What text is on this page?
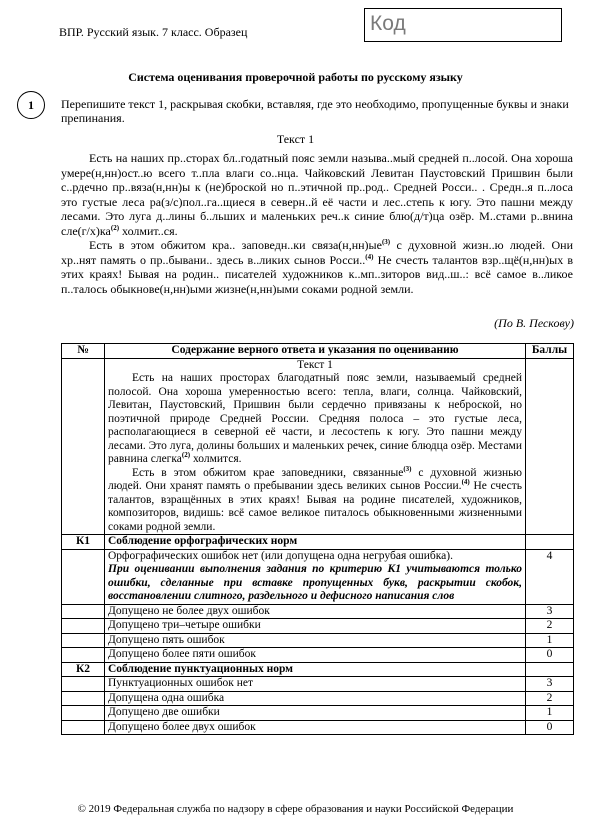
ВПР. Русский язык. 7 класс. Образец	Код
Система оценивания проверочной работы по русскому языку
1	Перепишите текст 1, раскрывая скобки, вставляя, где это необходимо, пропущенные буквы и знаки препинания.
Текст 1

Есть на наших пр..сторах бл..годатный пояс земли называ..мый средней п..лосой. Она хороша умере(н,нн)ост..ю всего т..пла влаги со..нца. Чайковский Левитан Паустовский Пришвин были с..рдечно пр..вяза(н,нн)ы к (не)броской но п..этичной пр..род.. Средней Росси.. . Средн..я п..лоса это густые леса ра(з/с)пол..га..щиеся в северн..й её части и лес..степь к югу. Это пашни между лесами. Это луга д..лины б..льших и маленьких реч..к синие блю(д/т)ца озёр. М..стами р..внина $сле(г/х)ка^{(2)}$ холмит..ся.

Есть в этом обжитом кра.. заповедн..ки $связа(н,нн)ые^{(3)}$ с духовной жизн..ю людей. Они хр..нят память о пр..бывани.. здесь в..ликих сынов Росси..$^{(4)}$ Не счесть талантов взр..щё(н,нн)ых в этих краях! Бывая на родин.. писателей художников к..мп..зиторов вид..ш..: всё самое в..ликое п..талось обыкнове(н,нн)ыми жизне(н,нн)ыми соками родной земли.

(По В. Пескову)
№	Содержание верного ответа и указания по оцениванию	Баллы

	Текст 1

Есть на наших просторах благодатный пояс земли, называемый средней полосой. Она хороша умеренностью всего: тепла, влаги, солнца. Чайковский, Левитан, Паустовский, Пришвин были сердечно привязаны к неброской, но поэтичной природе Средней России. Средняя полоса – это густые леса, располагающиеся в северной её части, и лесостепь к югу. Это пашни между лесами. Это луга, долины больших и маленьких речек, синие блюдца озёр. Местами равнина слегка$^{(2)}$ холмится.

Есть в этом обжитом крае заповедники, связанные$^{(3)}$ с духовной жизнью людей. Они хранят память о пребывании здесь великих сынов России.$^{(4)}$ Не счесть талантов, взращённых в этих краях! Бывая на родине писателей, художников, композиторов, видишь: всё самое великое питалось обыкновенными жизненными соками родной земли.	

К1	Соблюдение орфографических норм	

	Орфографических ошибок нет (или допущена одна негрубая ошибка).
При оценивании выполнения задания по критерию К1 учитываются только ошибки, сделанные при вставке пропущенных букв, раскрытии скобок, восстановлении слитного, раздельного и дефисного написания слов	4
	Допущено не более двух ошибок	3
	Допущено три–четыре ошибки	2
	Допущено пять ошибок	1
	Допущено более пяти ошибок	0
К2	Соблюдение пунктуационных норм	
	Пунктуационных ошибок нет	3
	Допущена одна ошибка	2
	Допущено две ошибки	1
	Допущено более двух ошибок	0
© 2019 Федеральная служба по надзору в сфере образования и науки Российской Федерации
